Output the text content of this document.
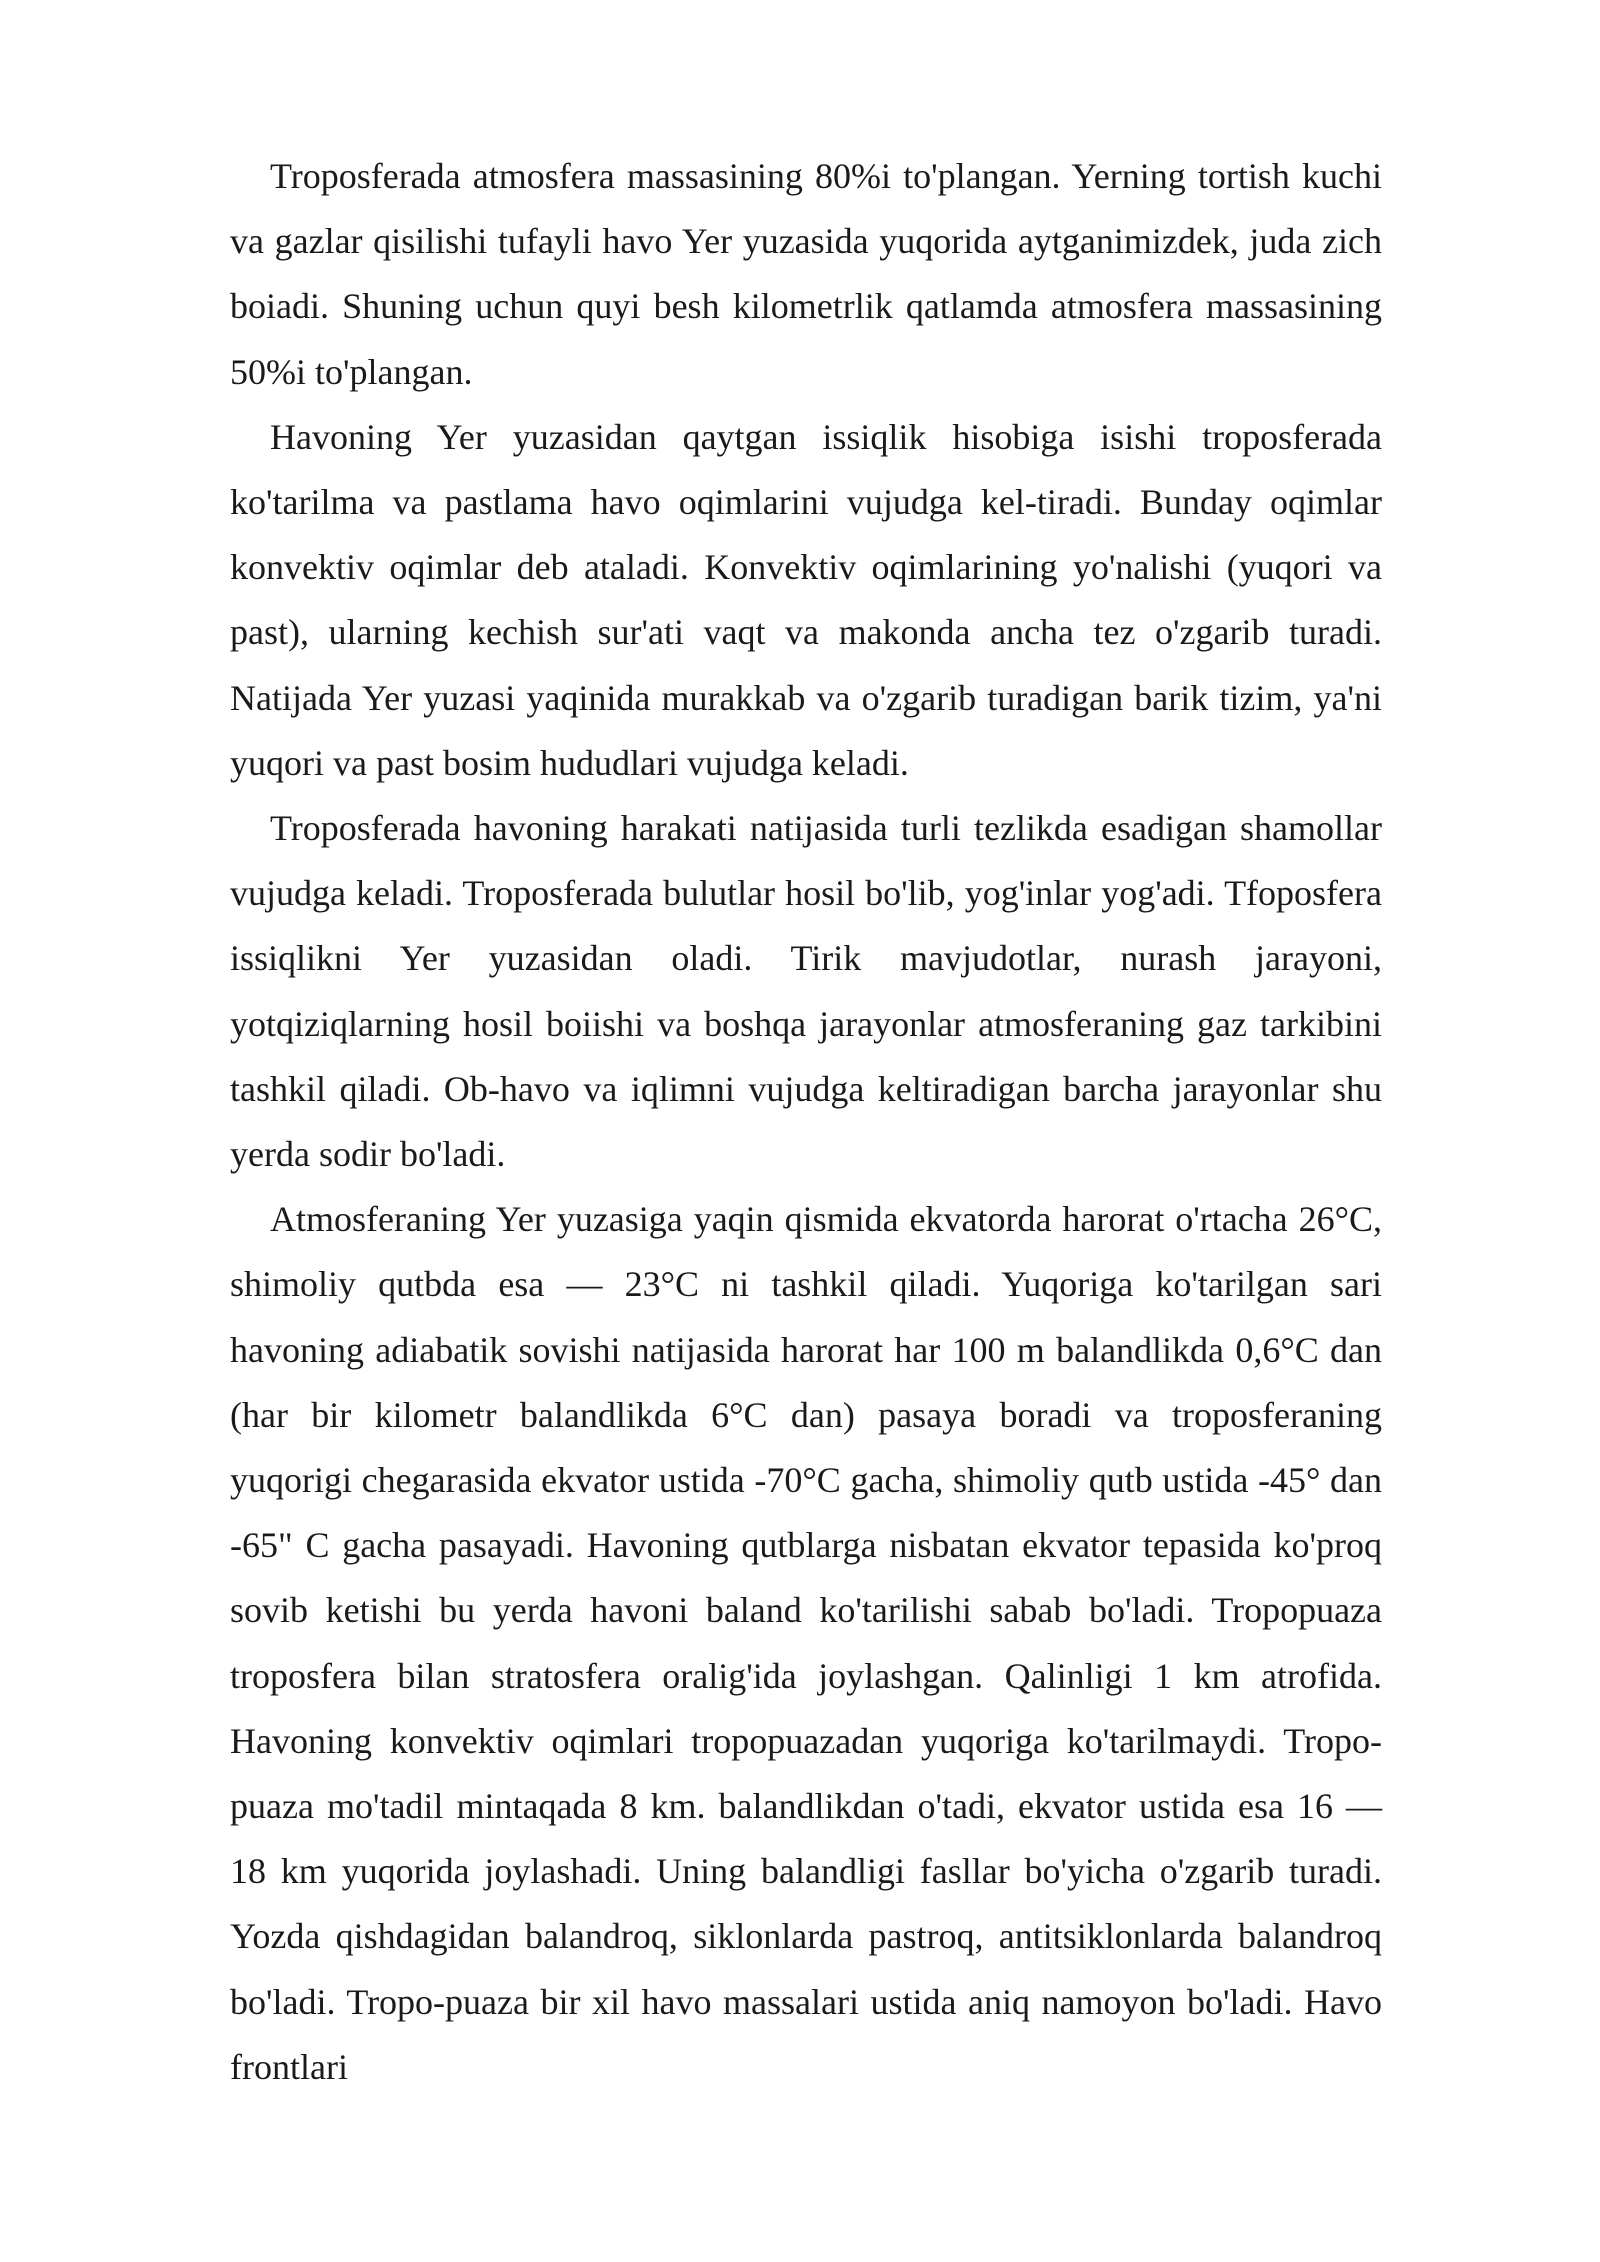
Troposferada atmosfera massasining 80%i to'plangan. Yerning tortish kuchi va gazlar qisilishi tufayli havo Yer yuzasida yuqorida aytganimizdek, juda zich boiadi. Shuning uchun quyi besh kilometrlik qatlamda atmosfera massasining 50%i to'plangan.

Havoning Yer yuzasidan qaytgan issiqlik hisobiga isishi troposferada ko'tarilma va pastlama havo oqimlarini vujudga kel-tiradi. Bunday oqimlar konvektiv oqimlar deb ataladi. Konvektiv oqimlarining yo'nalishi (yuqori va past), ularning kechish sur'ati vaqt va makonda ancha tez o'zgarib turadi. Natijada Yer yuzasi yaqinida murakkab va o'zgarib turadigan barik tizim, ya'ni yuqori va past bosim hududlari vujudga keladi.

Troposferada havoning harakati natijasida turli tezlikda esadigan shamollar vujudga keladi. Troposferada bulutlar hosil bo'lib, yog'inlar yog'adi. Tfoposfera issiqlikni Yer yuzasidan oladi. Tirik mavjudotlar, nurash jarayoni, yotqiziqlarning hosil boiishi va boshqa jarayonlar atmosferaning gaz tarkibini tashkil qiladi. Ob-havo va iqlimni vujudga keltiradigan barcha jarayonlar shu yerda sodir bo'ladi.

Atmosferaning Yer yuzasiga yaqin qismida ekvatorda harorat o'rtacha 26°C, shimoliy qutbda esa — 23°C ni tashkil qiladi. Yuqoriga ko'tarilgan sari havoning adiabatik sovishi natijasida harorat har 100 m balandlikda 0,6°C dan (har bir kilometr balandlikda 6°C dan) pasaya boradi va troposferaning yuqorigi chegarasida ekvator ustida -70°C gacha, shimoliy qutb ustida -45° dan -65" C gacha pasayadi. Havoning qutblarga nisbatan ekvator tepasida ko'proq sovib ketishi bu yerda havoni baland ko'tarilishi sabab bo'ladi. Tropopuaza troposfera bilan stratosfera oralig'ida joylashgan. Qalinligi 1 km atrofida. Havoning konvektiv oqimlari tropopuazadan yuqoriga ko'tarilmaydi. Tropo-puaza mo'tadil mintaqada 8 km. balandlikdan o'tadi, ekvator ustida esa 16 — 18 km yuqorida joylashadi. Uning balandligi fasllar bo'yicha o'zgarib turadi. Yozda qishdagidan balandroq, siklonlarda pastroq, antitsiklonlarda balandroq bo'ladi. Tropo-puaza bir xil havo massalari ustida aniq namoyon bo'ladi. Havo frontlari
